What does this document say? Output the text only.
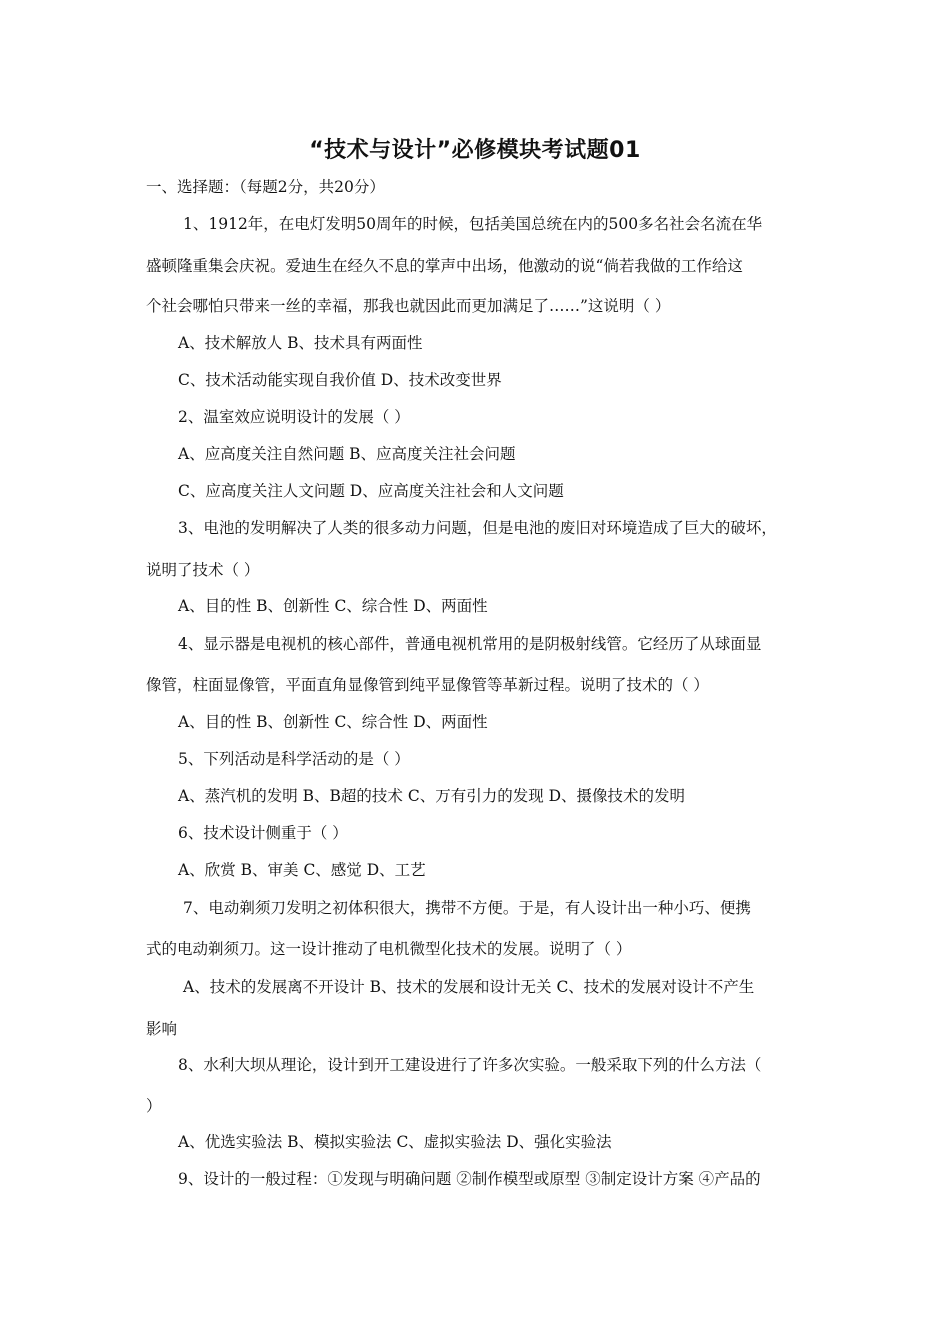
“技术与设计”必修模块考试题01
一、选择题：（每题2分，共20分）
1、1912年，在电灯发明50周年的时候，包括美国总统在内的500多名社会名流在华
盛顿隆重集会庆祝。爱迪生在经久不息的掌声中出场，他激动的说“倘若我做的工作给这
个社会哪怕只带来一丝的幸福，那我也就因此而更加满足了……”这说明（ ）
A、技术解放人 B、技术具有两面性
C、技术活动能实现自我价值 D、技术改变世界
2、温室效应说明设计的发展（ ）
A、应高度关注自然问题 B、应高度关注社会问题
C、应高度关注人文问题 D、应高度关注社会和人文问题
3、电池的发明解决了人类的很多动力问题，但是电池的废旧对环境造成了巨大的破坏，
说明了技术（ ）
A、目的性 B、创新性 C、综合性 D、两面性
4、显示器是电视机的核心部件，普通电视机常用的是阴极射线管。它经历了从球面显
像管，柱面显像管，平面直角显像管到纯平显像管等革新过程。说明了技术的（ ）
A、目的性 B、创新性 C、综合性 D、两面性
5、下列活动是科学活动的是（ ）
A、蒸汽机的发明 B、B超的技术 C、万有引力的发现 D、摄像技术的发明
6、技术设计侧重于（ ）
A、欣赏 B、审美 C、感觉 D、工艺
7、电动剃须刀发明之初体积很大，携带不方便。于是，有人设计出一种小巧、便携
式的电动剃须刀。这一设计推动了电机微型化技术的发展。说明了（ ）
A、技术的发展离不开设计 B、技术的发展和设计无关 C、技术的发展对设计不产生
影响
8、水利大坝从理论，设计到开工建设进行了许多次实验。一般采取下列的什么方法（
）
A、优选实验法 B、模拟实验法 C、虚拟实验法 D、强化实验法
9、设计的一般过程：①发现与明确问题 ②制作模型或原型 ③制定设计方案 ④产品的
